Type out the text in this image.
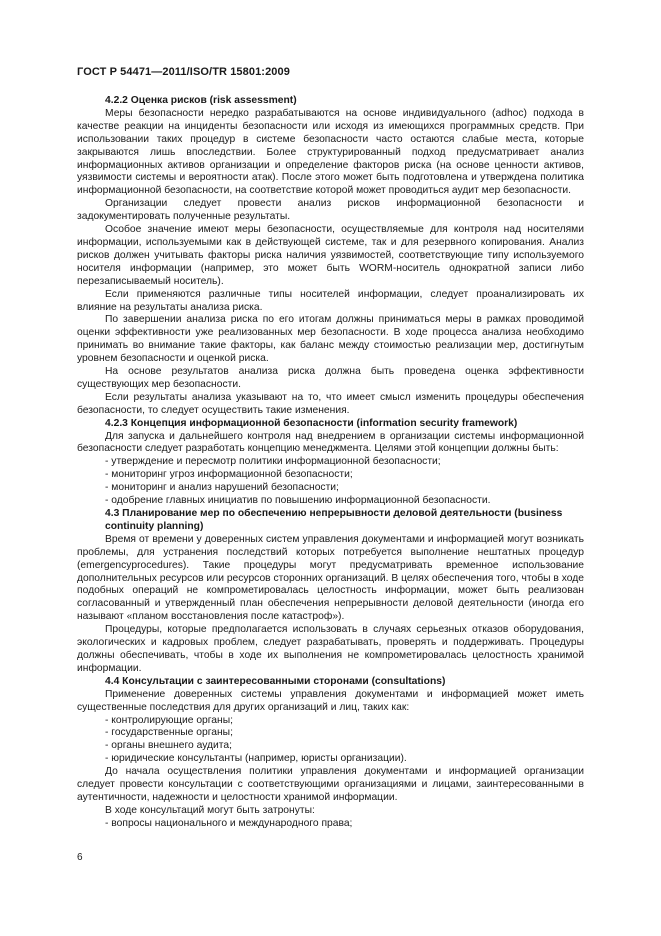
ГОСТ Р 54471—2011/ISO/TR 15801:2009
4.2.2 Оценка рисков (risk assessment)
Меры безопасности нередко разрабатываются на основе индивидуального (adhoc) подхода в качестве реакции на инциденты безопасности или исходя из имеющихся программных средств. При использовании таких процедур в системе безопасности часто остаются слабые места, которые закрываются лишь впоследствии. Более структурированный подход предусматривает анализ информационных активов организации и определение факторов риска (на основе ценности активов, уязвимости системы и вероятности атак). После этого может быть подготовлена и утверждена политика информационной безопасности, на соответствие которой может проводиться аудит мер безопасности.
Организации следует провести анализ рисков информационной безопасности и задокументировать полученные результаты.
Особое значение имеют меры безопасности, осуществляемые для контроля над носителями информации, используемыми как в действующей системе, так и для резервного копирования. Анализ рисков должен учитывать факторы риска наличия уязвимостей, соответствующие типу используемого носителя информации (например, это может быть WORM-носитель однократной записи либо перезаписываемый носитель).
Если применяются различные типы носителей информации, следует проанализировать их влияние на результаты анализа риска.
По завершении анализа риска по его итогам должны приниматься меры в рамках проводимой оценки эффективности уже реализованных мер безопасности. В ходе процесса анализа необходимо принимать во внимание такие факторы, как баланс между стоимостью реализации мер, достигнутым уровнем безопасности и оценкой риска.
На основе результатов анализа риска должна быть проведена оценка эффективности существующих мер безопасности.
Если результаты анализа указывают на то, что имеет смысл изменить процедуры обеспечения безопасности, то следует осуществить такие изменения.
4.2.3 Концепция информационной безопасности (information security framework)
Для запуска и дальнейшего контроля над внедрением в организации системы информационной безопасности следует разработать концепцию менеджмента. Целями этой концепции должны быть:
- утверждение и пересмотр политики информационной безопасности;
- мониторинг угроз информационной безопасности;
- мониторинг и анализ нарушений безопасности;
- одобрение главных инициатив по повышению информационной безопасности.
4.3 Планирование мер по обеспечению непрерывности деловой деятельности (business continuity planning)
Время от времени у доверенных систем управления документами и информацией могут возникать проблемы, для устранения последствий которых потребуется выполнение нештатных процедур (emergencyprocedures). Такие процедуры могут предусматривать временное использование дополнительных ресурсов или ресурсов сторонних организаций. В целях обеспечения того, чтобы в ходе подобных операций не компрометировалась целостность информации, может быть реализован согласованный и утвержденный план обеспечения непрерывности деловой деятельности (иногда его называют «планом восстановления после катастроф»).
Процедуры, которые предполагается использовать в случаях серьезных отказов оборудования, экологических и кадровых проблем, следует разрабатывать, проверять и поддерживать. Процедуры должны обеспечивать, чтобы в ходе их выполнения не компрометировалась целостность хранимой информации.
4.4 Консультации с заинтересованными сторонами (consultations)
Применение доверенных системы управления документами и информацией может иметь существенные последствия для других организаций и лиц, таких как:
- контролирующие органы;
- государственные органы;
- органы внешнего аудита;
- юридические консультанты (например, юристы организации).
До начала осуществления политики управления документами и информацией организации следует провести консультации с соответствующими организациями и лицами, заинтересованными в аутентичности, надежности и целостности хранимой информации.
В ходе консультаций могут быть затронуты:
- вопросы национального и международного права;
6
